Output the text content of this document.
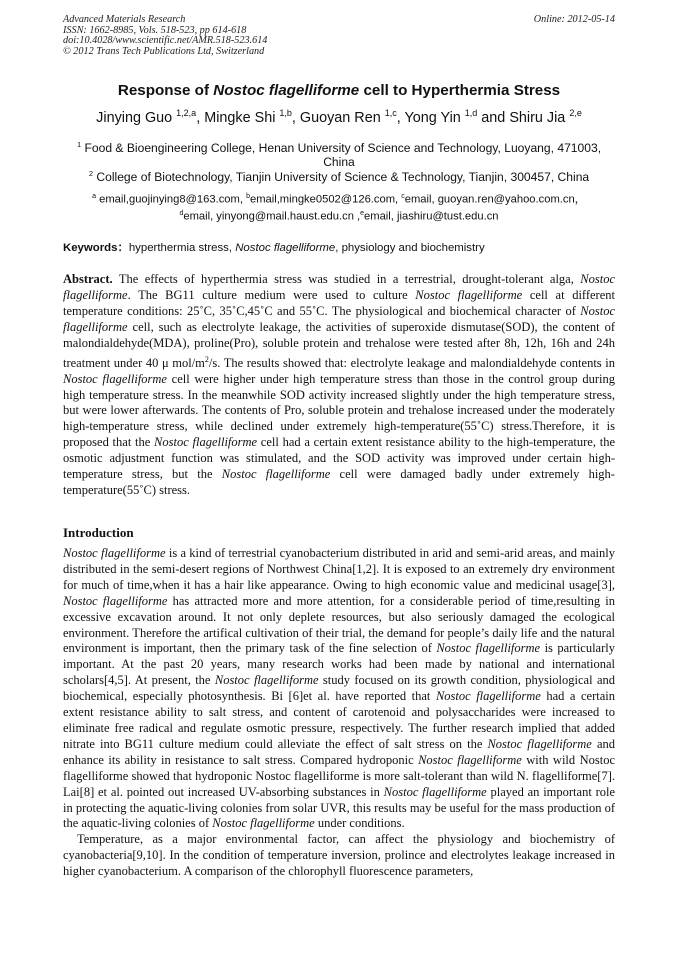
Advanced Materials Research
ISSN: 1662-8985, Vols. 518-523, pp 614-618
doi:10.4028/www.scientific.net/AMR.518-523.614
© 2012 Trans Tech Publications Ltd, Switzerland
Online: 2012-05-14
Response of Nostoc flagelliforme cell to Hyperthermia Stress
Jinying Guo $^{1,2,a}$, Mingke Shi $^{1,b}$, Guoyan Ren $^{1,c}$, Yong Yin $^{1,d}$ and Shiru Jia $^{2,e}$
$^1$ Food & Bioengineering College, Henan University of Science and Technology, Luoyang, 471003, China
$^2$ College of Biotechnology, Tianjin University of Science & Technology, Tianjin, 300457, China
$^a$ email,guojinying8@163.com, $^b$email,mingke0502@126.com, $^c$email, guoyan.ren@yahoo.com.cn，
$^d$email, yinyong@mail.haust.edu.cn ,$^e$email, jiashiru@tust.edu.cn
Keywords：hyperthermia stress, Nostoc flagelliforme, physiology and biochemistry
Abstract. The effects of hyperthermia stress was studied in a terrestrial, drought-tolerant alga, Nostoc flagelliforme. The BG11 culture medium were used to culture Nostoc flagelliforme cell at different temperature conditions: 25˚C, 35˚C,45˚C and 55˚C. The physiological and biochemical character of Nostoc flagelliforme cell, such as electrolyte leakage, the activities of superoxide dismutase(SOD), the content of malondialdehyde(MDA), proline(Pro), soluble protein and trehalose were tested after 8h, 12h, 16h and 24h treatment under 40 μ mol/$m^2/s$. The results showed that: electrolyte leakage and malondialdehyde contents in Nostoc flagelliforme cell were higher under high temperature stress than those in the control group during high temperature stress. In the meanwhile SOD activity increased slightly under the high temperature stress, but were lower afterwards. The contents of Pro, soluble protein and trehalose increased under the moderately high-temperature stress, while declined under extremely high-temperature(55˚C) stress.Therefore, it is proposed that the Nostoc flagelliforme cell had a certain extent resistance ability to the high-temperature, the osmotic adjustment function was stimulated, and the SOD activity was improved under certain high-temperature stress, but the Nostoc flagelliforme cell were damaged badly under extremely high-temperature(55˚C) stress.
Introduction

Nostoc flagelliforme is a kind of terrestrial cyanobacterium distributed in arid and semi-arid areas, and mainly distributed in the semi-desert regions of Northwest China[1,2]. It is exposed to an extremely dry environment for much of time,when it has a hair like appearance. Owing to high economic value and medicinal usage[3], Nostoc flagelliforme has attracted more and more attention, for a considerable period of time,resulting in excessive excavation around. It not only deplete resources, but also seriously damaged the ecological environment. Therefore the artifical cultivation of their trial, the demand for people’s daily life and the natural environment is important, then the primary task of the fine selection of Nostoc flagelliforme is particularly important. At the past 20 years, many research works had been made by national and international scholars[4,5]. At present, the Nostoc flagelliforme study focused on its growth condition, physiological and biochemical, especially photosynthesis. Bi [6]et al. have reported that Nostoc flagelliforme had a certain extent resistance ability to salt stress, and content of carotenoid and polysaccharides were increased to eliminate free radical and regulate osmotic pressure, respectively. The further research implied that added nitrate into BG11 culture medium could alleviate the effect of salt stress on the Nostoc flagelliforme and enhance its ability in resistance to salt stress. Compared hydroponic Nostoc flagelliforme with wild Nostoc flagelliforme showed that hydroponic Nostoc flagelliforme is more salt-tolerant than wild N. flagelliforme[7]. Lai[8] et al. pointed out increased UV-absorbing substances in Nostoc flagelliforme played an important role in protecting the aquatic-living colonies from solar UVR, this results may be useful for the mass production of the aquatic-living colonies of Nostoc flagelliforme under conditions.

Temperature, as a major environmental factor, can affect the physiology and biochemistry of cyanobacteria[9,10]. In the condition of temperature inversion, prolince and electrolytes leakage increased in higher cyanobacterium. A comparison of the chlorophyll fluorescence parameters,
